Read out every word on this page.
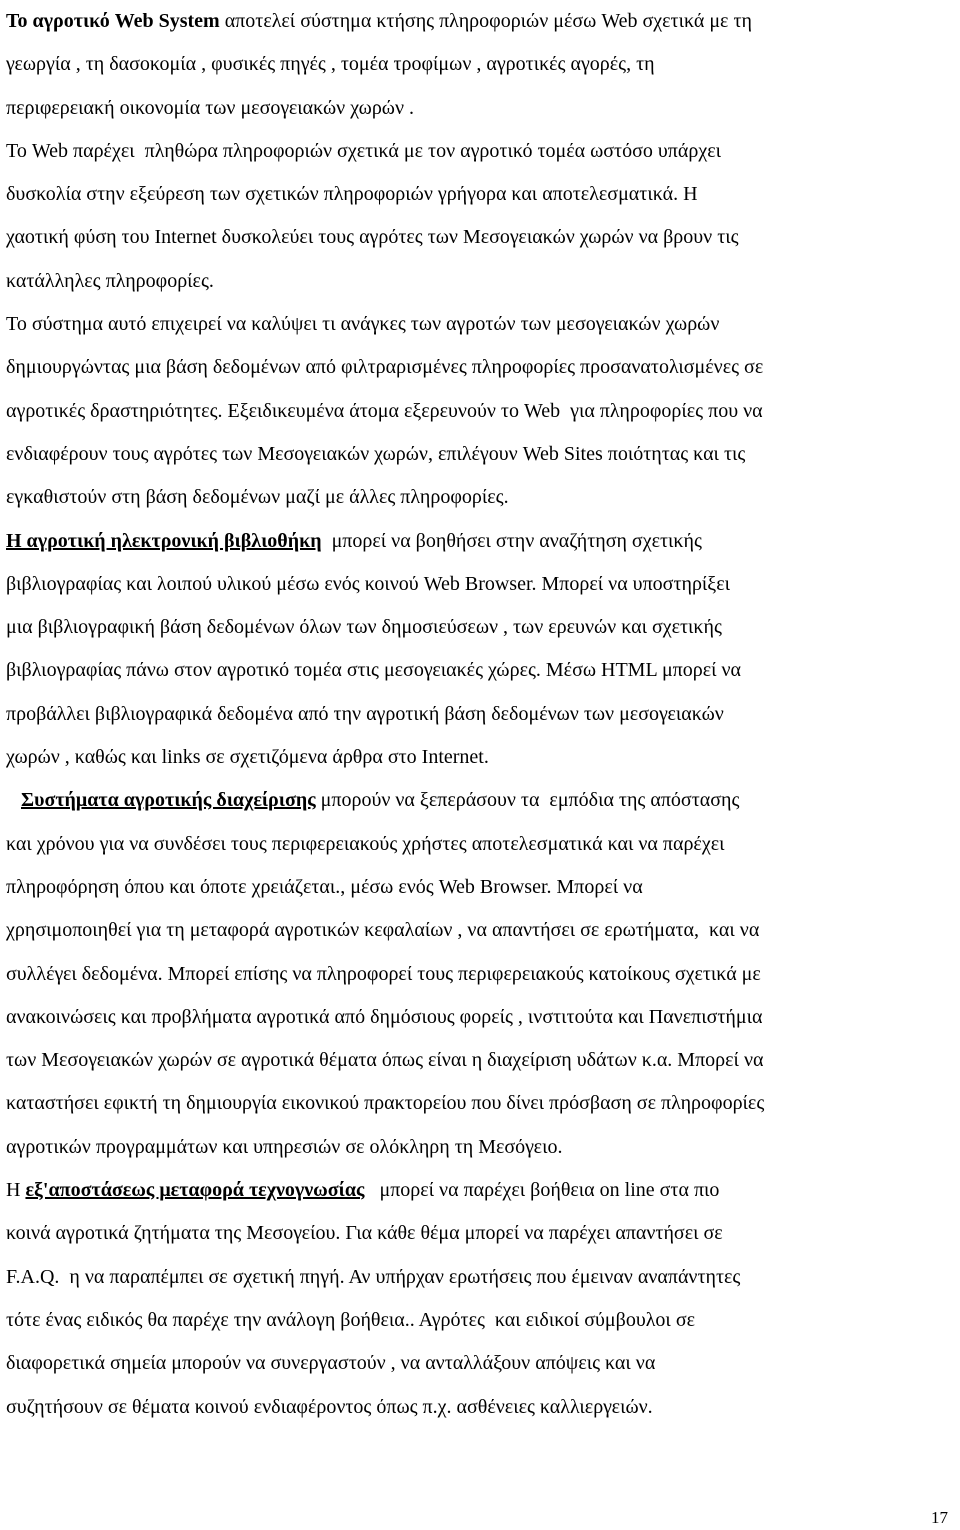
Το αγροτικό Web System αποτελεί σύστημα κτήσης πληροφοριών μέσω Web σχετικά με τη
γεωργία , τη δασοκομία , φυσικές πηγές , τομέα τροφίμων , αγροτικές αγορές, τη
περιφερειακή οικονομία των μεσογειακών χωρών .
Το Web παρέχει  πληθώρα πληροφοριών σχετικά με τον αγροτικό τομέα ωστόσο υπάρχει
δυσκολία στην εξεύρεση των σχετικών πληροφοριών γρήγορα και αποτελεσματικά. Η
χαοτική φύση του Internet δυσκολεύει τους αγρότες των Μεσογειακών χωρών να βρουν τις
κατάλληλες πληροφορίες.
Το σύστημα αυτό επιχειρεί να καλύψει τι ανάγκες των αγροτών των μεσογειακών χωρών
δημιουργώντας μια βάση δεδομένων από φιλτραρισμένες πληροφορίες προσανατολισμένες σε
αγροτικές δραστηριότητες. Εξειδικευμένα άτομα εξερευνούν το Web  για πληροφορίες που να
ενδιαφέρουν τους αγρότες των Μεσογειακών χωρών, επιλέγουν Web Sites ποιότητας και τις
εγκαθιστούν στη βάση δεδομένων μαζί με άλλες πληροφορίες.
Η αγροτική ηλεκτρονική βιβλιοθήκη  μπορεί να βοηθήσει στην αναζήτηση σχετικής
βιβλιογραφίας και λοιπού υλικού μέσω ενός κοινού Web Browser. Μπορεί να υποστηρίξει
μια βιβλιογραφική βάση δεδομένων όλων των δημοσιεύσεων , των ερευνών και σχετικής
βιβλιογραφίας πάνω στον αγροτικό τομέα στις μεσογειακές χώρες. Μέσω HTML μπορεί να
προβάλλει βιβλιογραφικά δεδομένα από την αγροτική βάση δεδομένων των μεσογειακών
χωρών , καθώς και links σε σχετιζόμενα άρθρα στο Internet.
Συστήματα αγροτικής διαχείρισης μπορούν να ξεπεράσουν τα  εμπόδια της απόστασης
και χρόνου για να συνδέσει τους περιφερειακούς χρήστες αποτελεσματικά και να παρέχει
πληροφόρηση όπου και όποτε χρειάζεται., μέσω ενός Web Browser. Μπορεί να
χρησιμοποιηθεί για τη μεταφορά αγροτικών κεφαλαίων , να απαντήσει σε ερωτήματα,  και να
συλλέγει δεδομένα. Μπορεί επίσης να πληροφορεί τους περιφερειακούς κατοίκους σχετικά με
ανακοινώσεις και προβλήματα αγροτικά από δημόσιους φορείς , ινστιτούτα και Πανεπιστήμια
των Μεσογειακών χωρών σε αγροτικά θέματα όπως είναι η διαχείριση υδάτων κ.α. Μπορεί να
καταστήσει εφικτή τη δημιουργία εικονικού πρακτορείου που δίνει πρόσβαση σε πληροφορίες
αγροτικών προγραμμάτων και υπηρεσιών σε ολόκληρη τη Μεσόγειο.
Η εξ'αποστάσεως μεταφορά τεχνογνωσίας   μπορεί να παρέχει βοήθεια on line στα πιο
κοινά αγροτικά ζητήματα της Μεσογείου. Για κάθε θέμα μπορεί να παρέχει απαντήσει σε
F.A.Q.  η να παραπέμπει σε σχετική πηγή. Αν υπήρχαν ερωτήσεις που έμειναν αναπάντητες
τότε ένας ειδικός θα παρέχε την ανάλογη βοήθεια.. Αγρότες  και ειδικοί σύμβουλοι σε
διαφορετικά σημεία μπορούν να συνεργαστούν , να ανταλλάξουν απόψεις και να
συζητήσουν σε θέματα κοινού ενδιαφέροντος όπως π.χ. ασθένειες καλλιεργειών.
17
